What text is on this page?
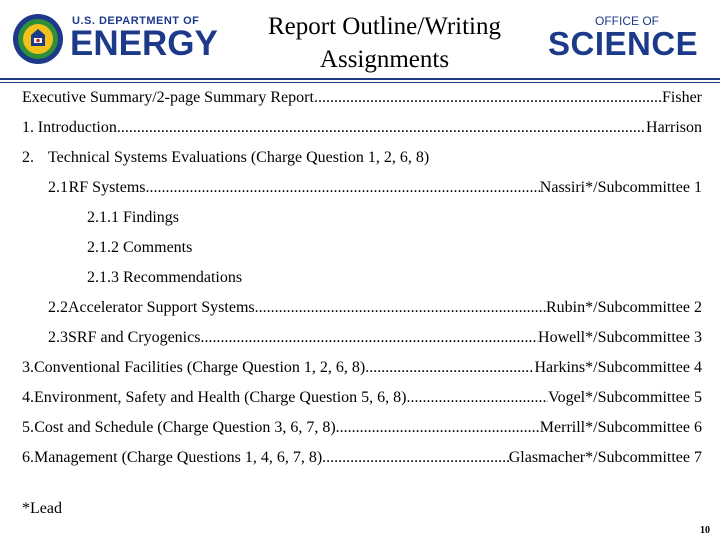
U.S. DEPARTMENT OF
ENERGY	Report Outline/Writing Assignments
OFFICE OF
SCIENCE
Executive Summary/2-page Summary Report .....	Fisher
1. Introduction .....	Harrison
2. Technical Systems Evaluations (Charge Question 1, 2, 6, 8)
2.1 RF Systems .....	Nassiri*/Subcommittee 1
2.1.1 Findings
2.1.2 Comments
2.1.3 Recommendations
2.2 Accelerator Support Systems .....	Rubin*/Subcommittee 2
2.3 SRF and Cryogenics .....	Howell*/Subcommittee 3
3. Conventional Facilities (Charge Question 1, 2, 6, 8) .....	Harkins*/Subcommittee 4
4. Environment, Safety and Health (Charge Question 5, 6, 8) .....	Vogel*/Subcommittee 5
5. Cost and Schedule (Charge Question 3, 6, 7, 8) .....	Merrill*/Subcommittee 6
6. Management (Charge Questions 1, 4, 6, 7, 8) .....	Glasmacher*/Subcommittee 7
*Lead
10
